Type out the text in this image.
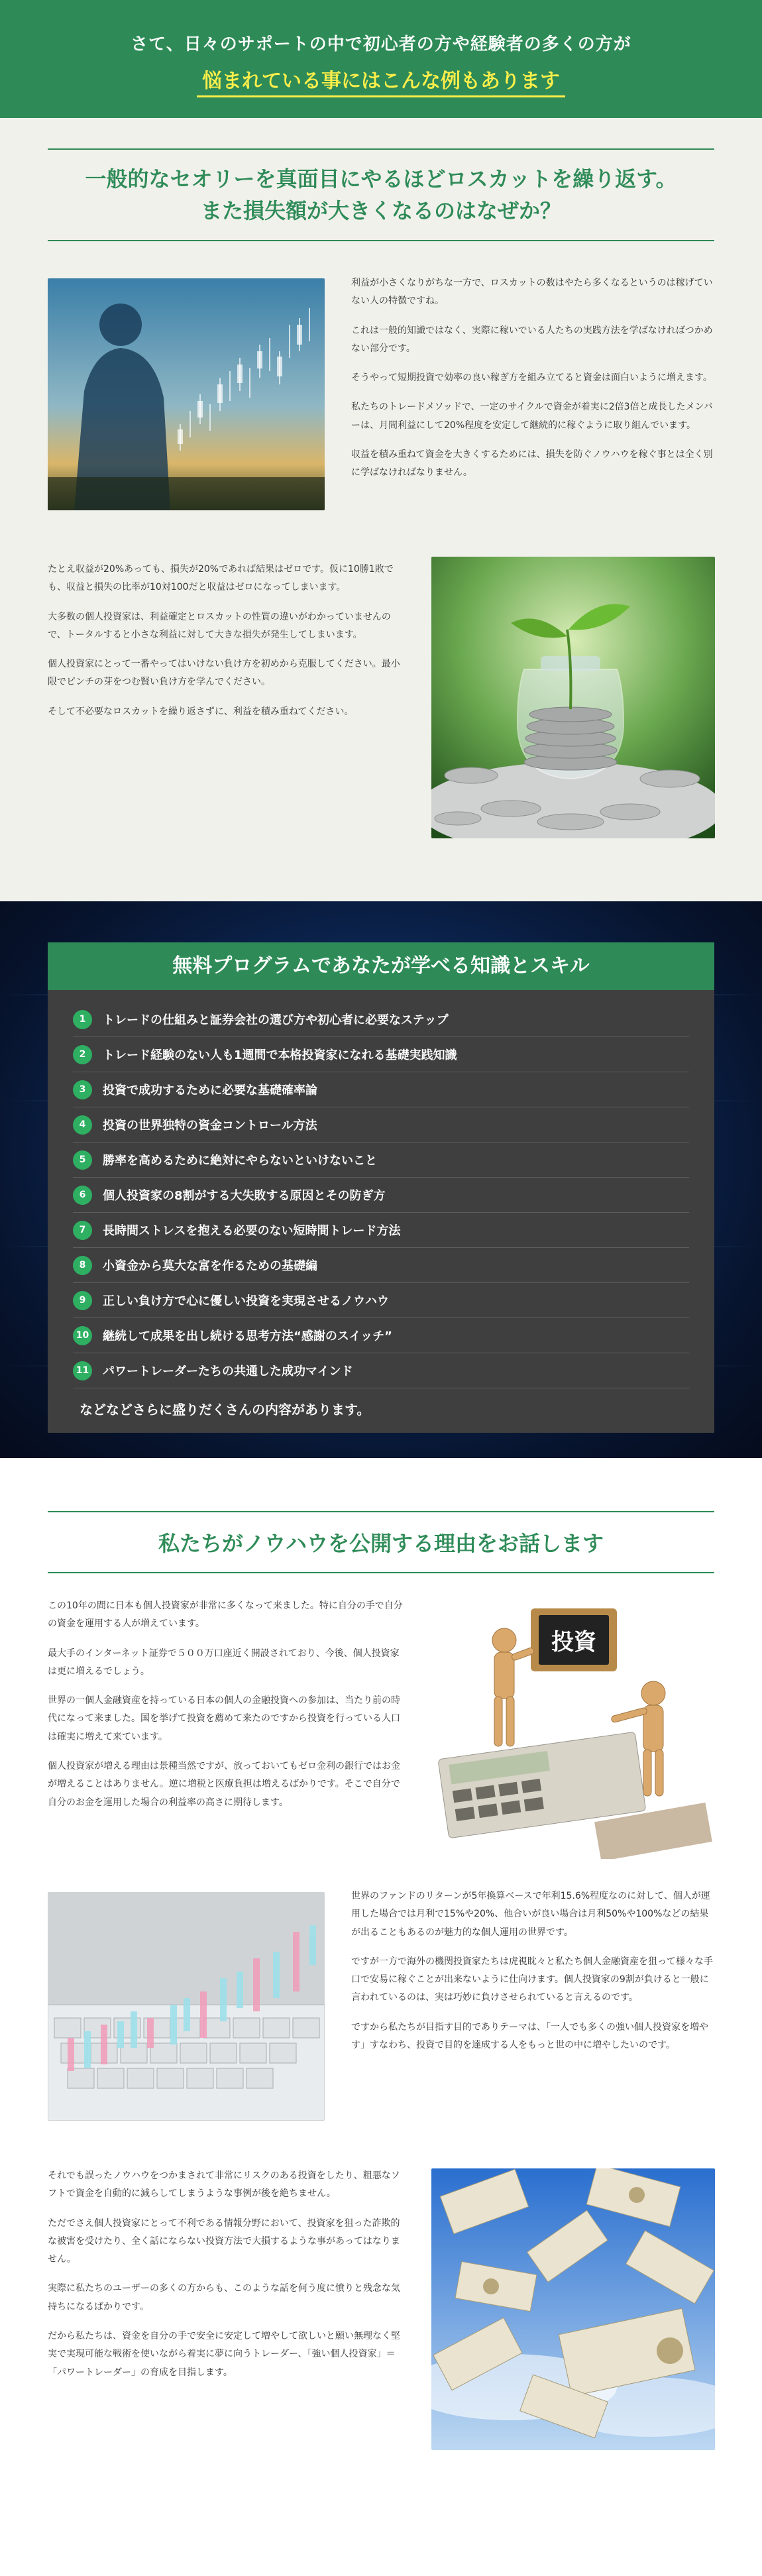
さて、日々のサポートの中で初心者の方や経験者の多くの方が
悩まれている事にはこんな例もあります
一般的なセオリーを真面目にやるほどロスカットを繰り返す。
また損失額が大きくなるのはなぜか？

利益が小さくなりがちな一方で、ロスカットの数はやたら多くなるというのは稼げていない人の特徴ですね。

これは一般的知識ではなく、実際に稼いでいる人たちの実践方法を学ばなければつかめない部分です。

そうやって短期投資で効率の良い稼ぎ方を組み立てると資金は面白いように増えます。

私たちのトレードメソッドで、一定のサイクルで資金が着実に2倍3倍と成長したメンバーは、月間利益にして20%程度を安定して継続的に稼ぐように取り組んでいます。

収益を積み重ねて資金を大きくするためには、損失を防ぐノウハウを稼ぐ事とは全く別に学ばなければなりません。

たとえ収益が20%あっても、損失が20%であれば結果はゼロです。仮に10勝1敗でも、収益と損失の比率が10対100だと収益はゼロになってしまいます。

大多数の個人投資家は、利益確定とロスカットの性質の違いがわかっていませんので、トータルすると小さな利益に対して大きな損失が発生してしまいます。

個人投資家にとって一番やってはいけない負け方を初めから克服してください。最小限でピンチの芽をつむ賢い負け方を学んでください。

そして不必要なロスカットを繰り返さずに、利益を積み重ねてください。

無料プログラムであなたが学べる知識とスキル
1	トレードの仕組みと証券会社の選び方や初心者に必要なステップ
2	トレード経験のない人も1週間で本格投資家になれる基礎実践知識
3	投資で成功するために必要な基礎確率論
4	投資の世界独特の資金コントロール方法
5	勝率を高めるために絶対にやらないといけないこと
6	個人投資家の8割がする大失敗する原因とその防ぎ方
7	長時間ストレスを抱える必要のない短時間トレード方法
8	小資金から莫大な富を作るための基礎編
9	正しい負け方で心に優しい投資を実現させるノウハウ
10 継続して成果を出し続ける思考方法“感謝のスイッチ”
11 パワートレーダーたちの共通した成功マインド
などなどさらに盛りだくさんの内容があります。
私たちがノウハウを公開する理由をお話します

この10年の間に日本も個人投資家が非常に多くなって来ました。特に自分の手で自分の資金を運用する人が増えています。

最大手のインターネット証券で５００万口座近く開設されており、今後、個人投資家は更に増えるでしょう。

世界の一個人金融資産を持っている日本の個人の金融投資への参加は、当たり前の時代になって来ました。国を挙げて投資を薦めて来たのですから投資を行っている人口は確実に増えて来ています。

個人投資家が増える理由は景種当然ですが、放っておいてもゼロ金利の銀行ではお金が増えることはありません。逆に増税と医療負担は増えるばかりです。そこで自分で自分のお金を運用した場合の利益率の高さに期待します。

投資

世界のファンドのリターンが5年換算ベースで年利15.6%程度なのに対して、個人が運用した場合では月利で15%や20%、他合いが良い場合は月利50%や100%などの結果が出ることもあるのが魅力的な個人運用の世界です。

ですが一方で海外の機関投資家たちは虎視眈々と私たち個人金融資産を狙って様々な手口で安易に稼ぐことが出来ないように仕向けます。個人投資家の9割が負けると一般に言われているのは、実は巧妙に負けさせられていると言えるのです。

ですから私たちが目指す目的でありテーマは、「一人でも多くの強い個人投資家を増やす」すなわち、投資で目的を達成する人をもっと世の中に増やしたいのです。

それでも誤ったノウハウをつかまされて非常にリスクのある投資をしたり、粗悪なソフトで資金を自動的に減らしてしまうような事例が後を絶ちません。

ただでさえ個人投資家にとって不利である情報分野において、投資家を狙った詐欺的な被害を受けたり、全く話にならない投資方法で大損するような事があってはなりません。

実際に私たちのユーザーの多くの方からも、このような話を何う度に憤りと残念な気持ちになるばかりです。

だから私たちは、資金を自分の手で安全に安定して増やして欲しいと願い無理なく堅実で実現可能な戦術を使いながら着実に夢に向うトレーダー、「強い個人投資家」＝「パワートレーダー」の育成を目指します。
